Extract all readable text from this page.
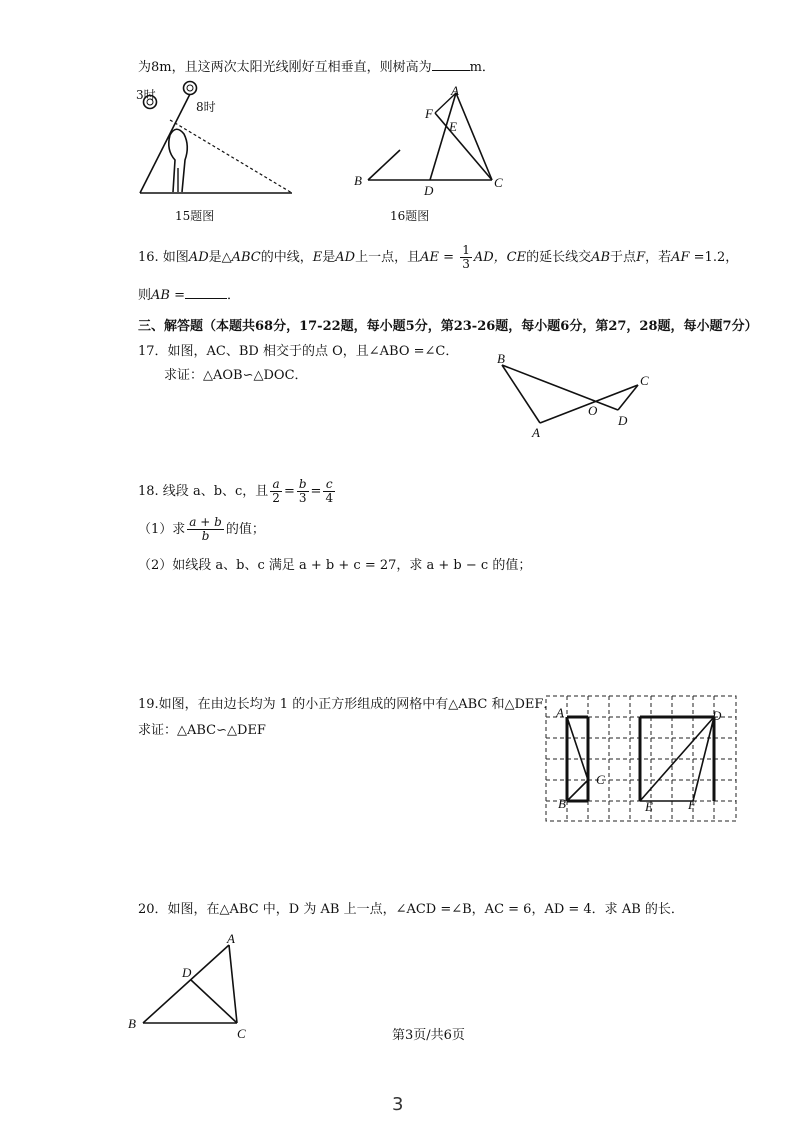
为8m，且这两次太阳光线刚好互相垂直，则树高为	m．
3时
8时
15题图
A
B	C
D
E
F
16题图
16. 如图AD是△ABC的中线，E是AD上一点，且AE = $\frac{1}{3}$ AD，CE的延长线交AB于点F，若AF =1.2，
则AB =	．
三、解答题（本题共68分，17-22题，每小题5分，第23-26题，每小题6分，第27，28题，每小题7分）
17．如图，AC、BD 相交于的点 O，且∠ABO =∠C．
求证：△AOB∽△DOC．
B
A
C
D
O
18. 线段 a、b、c，且 $\frac{a}{2} = \frac{b}{3} = \frac{c}{4}$
（1）求 $\frac{a + b}{b}$ 的值；
（2）如线段 a、b、c 满足 a + b + c = 27，求 a + b − c 的值；
19.如图，在由边长均为 1 的小正方形组成的网格中有△ABC 和△DEF．
求证：△ABC∽△DEF
A
B
C
D
E	F
20．如图，在△ABC 中，D 为 AB 上一点，∠ACD =∠B，AC = 6，AD = 4．求 AB 的长．
A
B
C
D
第3页/共6页
3
